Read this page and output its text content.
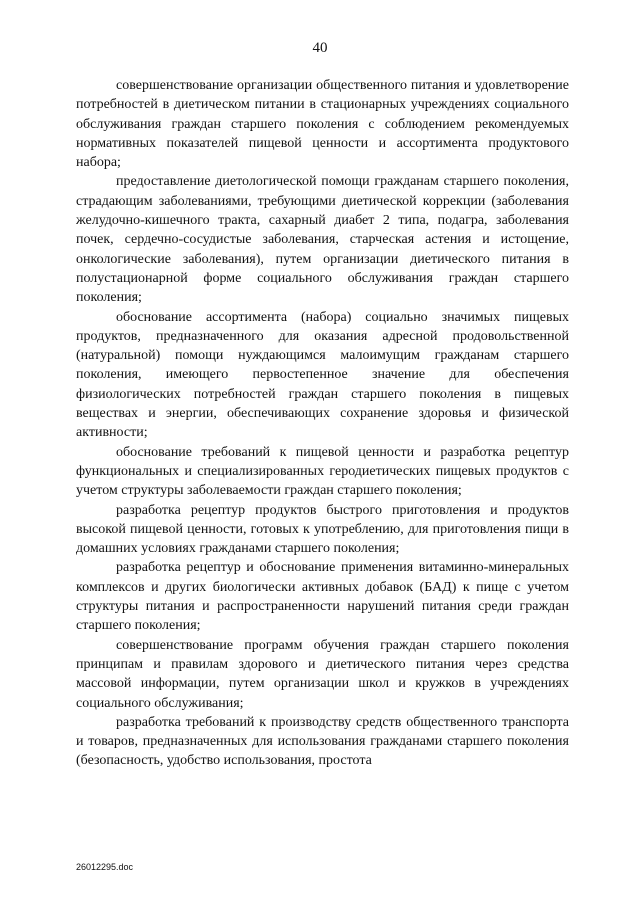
40

совершенствование организации общественного питания и удовлетворение потребностей в диетическом питании в стационарных учреждениях социального обслуживания граждан старшего поколения с соблюдением рекомендуемых нормативных показателей пищевой ценности и ассортимента продуктового набора;

предоставление диетологической помощи гражданам старшего поколения, страдающим заболеваниями, требующими диетической коррекции (заболевания желудочно-кишечного тракта, сахарный диабет 2 типа, подагра, заболевания почек, сердечно-сосудистые заболевания, старческая астения и истощение, онкологические заболевания), путем организации диетического питания в полустационарной форме социального обслуживания граждан старшего поколения;

обоснование ассортимента (набора) социально значимых пищевых продуктов, предназначенного для оказания адресной продовольственной (натуральной) помощи нуждающимся малоимущим гражданам старшего поколения, имеющего первостепенное значение для обеспечения физиологических потребностей граждан старшего поколения в пищевых веществах и энергии, обеспечивающих сохранение здоровья и физической активности;

обоснование требований к пищевой ценности и разработка рецептур функциональных и специализированных геродиетических пищевых продуктов с учетом структуры заболеваемости граждан старшего поколения;

разработка рецептур продуктов быстрого приготовления и продуктов высокой пищевой ценности, готовых к употреблению, для приготовления пищи в домашних условиях гражданами старшего поколения;

разработка рецептур и обоснование применения витаминно-минеральных комплексов и других биологически активных добавок (БАД) к пище с учетом структуры питания и распространенности нарушений питания среди граждан старшего поколения;

совершенствование программ обучения граждан старшего поколения принципам и правилам здорового и диетического питания через средства массовой информации, путем организации школ и кружков в учреждениях социального обслуживания;

разработка требований к производству средств общественного транспорта и товаров, предназначенных для использования гражданами старшего поколения (безопасность, удобство использования, простота

26012295.doc
